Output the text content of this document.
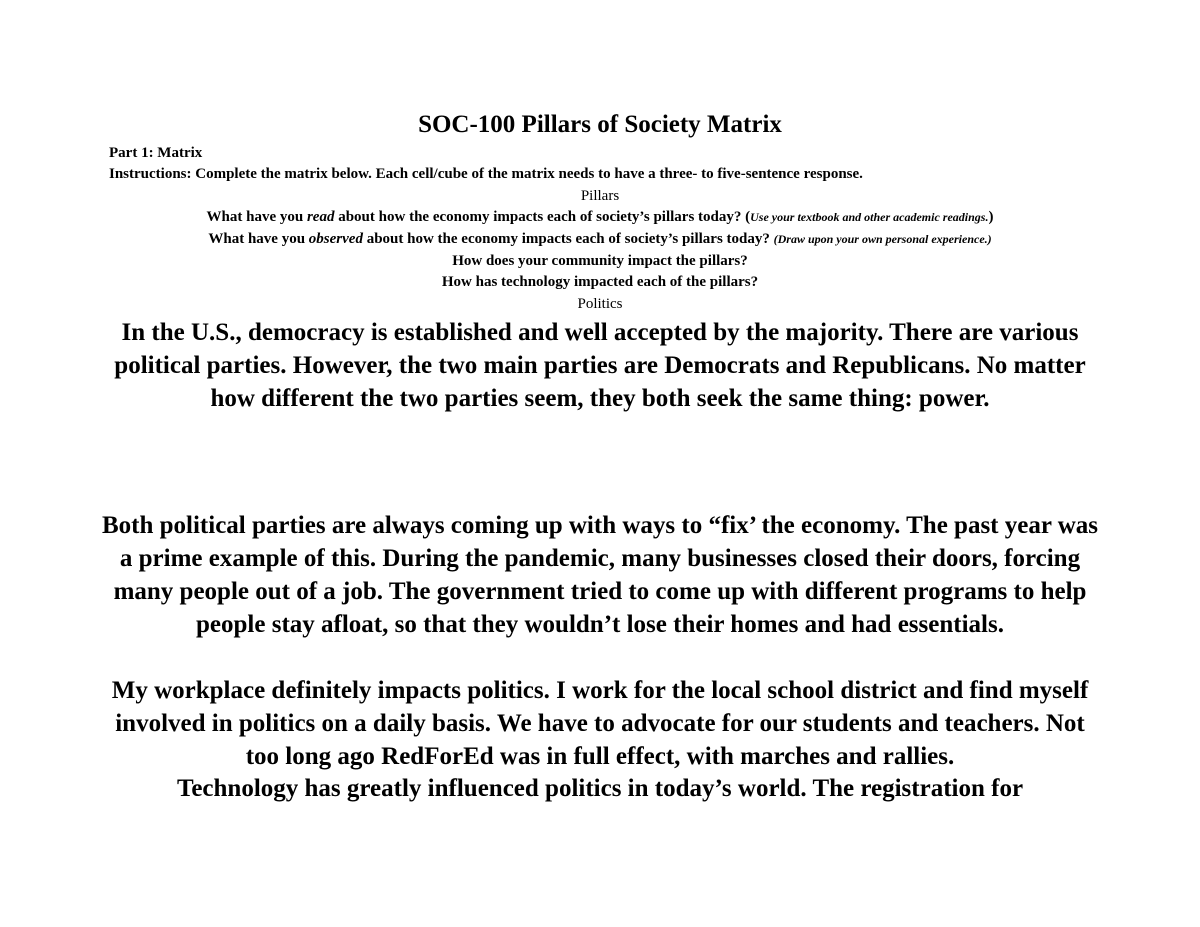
SOC-100 Pillars of Society Matrix
Part 1: Matrix
Instructions: Complete the matrix below. Each cell/cube of the matrix needs to have a three- to five-sentence response.
Pillars
What have you read about how the economy impacts each of society’s pillars today? (Use your textbook and other academic readings.)
What have you observed about how the economy impacts each of society’s pillars today? (Draw upon your own personal experience.)
How does your community impact the pillars?
How has technology impacted each of the pillars?
Politics
In the U.S., democracy is established and well accepted by the majority. There are various political parties. However, the two main parties are Democrats and Republicans. No matter how different the two parties seem, they both seek the same thing: power.
Both political parties are always coming up with ways to “fix’ the economy. The past year was a prime example of this. During the pandemic, many businesses closed their doors, forcing many people out of a job. The government tried to come up with different programs to help people stay afloat, so that they wouldn’t lose their homes and had essentials.
My workplace definitely impacts politics. I work for the local school district and find myself involved in politics on a daily basis. We have to advocate for our students and teachers. Not too long ago RedForEd was in full effect, with marches and rallies.
Technology has greatly influenced politics in today’s world. The registration for
